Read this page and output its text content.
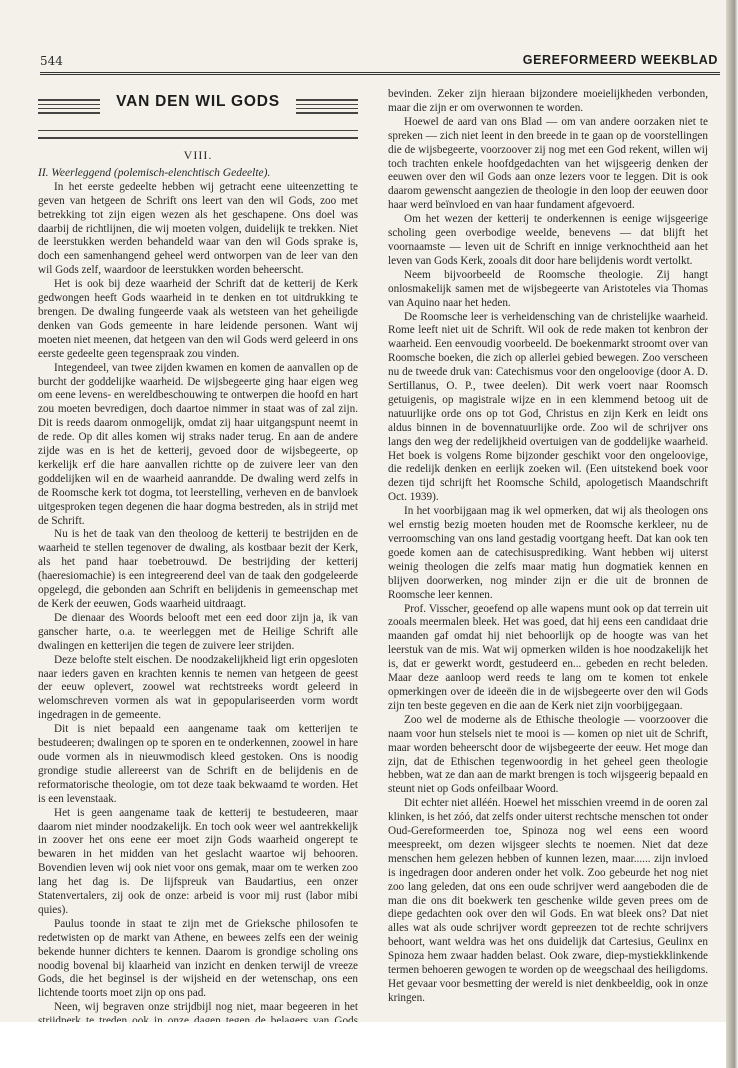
544	GEREFORMEERD WEEKBLAD
VAN DEN WIL GODS
VIII.

II. Weerleggend (polemisch-elenchtisch Gedeelte).

In het eerste gedeelte hebben wij getracht eene uiteenzetting te geven van hetgeen de Schrift ons leert van den wil Gods, zoo met betrekking tot zijn eigen wezen als het geschapene. Ons doel was daarbij de richtlijnen, die wij moeten volgen, duidelijk te trekken. Niet de leerstukken werden behandeld waar van den wil Gods sprake is, doch een samenhangend geheel werd ontworpen van de leer van den wil Gods zelf, waardoor de leerstukken worden beheerscht.

Het is ook bij deze waarheid der Schrift dat de ketterij de Kerk gedwongen heeft Gods waarheid in te denken en tot uitdrukking te brengen. De dwaling fungeerde vaak als wetsteen van het geheiligde denken van Gods gemeente in hare leidende personen. Want wij moeten niet meenen, dat hetgeen van den wil Gods werd geleerd in ons eerste gedeelte geen tegenspraak zou vinden.

Integendeel, van twee zijden kwamen en komen de aanvallen op de burcht der goddelijke waarheid. De wijsbegeerte ging haar eigen weg om eene levens- en wereldbeschouwing te ontwerpen die hoofd en hart zou moeten bevredigen, doch daartoe nimmer in staat was of zal zijn. Dit is reeds daarom onmogelijk, omdat zij haar uitgangspunt neemt in de rede. Op dit alles komen wij straks nader terug. En aan de andere zijde was en is het de ketterij, gevoed door de wijsbegeerte, op kerkelijk erf die hare aanvallen richtte op de zuivere leer van den goddelijken wil en de waarheid aanrandde. De dwaling werd zelfs in de Roomsche kerk tot dogma, tot leerstelling, verheven en de banvloek uitgesproken tegen degenen die haar dogma bestreden, als in strijd met de Schrift.

Nu is het de taak van den theoloog de ketterij te bestrijden en de waarheid te stellen tegenover de dwaling, als kostbaar bezit der Kerk, als het pand haar toebetrouwd. De bestrijding der ketterij (haeresiomachie) is een integreerend deel van de taak den godgeleerde opgelegd, die gebonden aan Schrift en belijdenis in gemeenschap met de Kerk der eeuwen, Gods waarheid uitdraagt.

De dienaar des Woords belooft met een eed door zijn ja, ik van ganscher harte, o.a. te weerleggen met de Heilige Schrift alle dwalingen en ketterijen die tegen de zuivere leer strijden.

Deze belofte stelt eischen. De noodzakelijkheid ligt erin opgesloten naar ieders gaven en krachten kennis te nemen van hetgeen de geest der eeuw oplevert, zoowel wat rechtstreeks wordt geleerd in welomschreven vormen als wat in gepopulariseerden vorm wordt ingedragen in de gemeente.

Dit is niet bepaald een aangename taak om ketterijen te bestudeeren; dwalingen op te sporen en te onderkennen, zoowel in hare oude vormen als in nieuwmodisch kleed gestoken. Ons is noodig grondige studie allereerst van de Schrift en de belijdenis en de reformatorische theologie, om tot deze taak bekwaamd te worden. Het is een levenstaak.

Het is geen aangename taak de ketterij te bestudeeren, maar daarom niet minder noodzakelijk. En toch ook weer wel aantrekkelijk in zoover het ons eene eer moet zijn Gods waarheid ongerept te bewaren in het midden van het geslacht waartoe wij behooren. Bovendien leven wij ook niet voor ons gemak, maar om te werken zoo lang het dag is. De lijfspreuk van Baudartius, een onzer Statenvertalers, zij ook de onze: arbeid is voor mij rust (labor mibi quies).

Paulus toonde in staat te zijn met de Grieksche philosofen te redetwisten op de markt van Athene, en bewees zelfs een der weinig bekende hunner dichters te kennen. Daarom is grondige scholing ons noodig bovenal bij klaarheid van inzicht en denken terwijl de vreeze Gods, die het beginsel is der wijsheid en der wetenschap, ons een lichtende toorts moet zijn op ons pad.

Neen, wij begraven onze strijdbijl nog niet, maar begeeren in het

bevinden. Zeker zijn hieraan bijzondere moeielijkheden verbonden, maar die zijn er om overwonnen te worden.

Hoewel de aard van ons Blad — om van andere oorzaken niet te spreken — zich niet leent in den breede in te gaan op de voorstellingen die de wijsbegeerte, voorzoover zij nog met een God rekent, willen wij toch trachten enkele hoofdgedachten van het wijsgeerig denken der eeuwen over den wil Gods aan onze lezers voor te leggen. Dit is ook daarom gewenscht aangezien de theologie in den loop der eeuwen door haar werd beïnvloed en van haar fundament afgevoerd.

Om het wezen der ketterij te onderkennen is eenige wijsgeerige scholing geen overbodige weelde, benevens — dat blijft het voornaamste — leven uit de Schrift en innige verknochtheid aan het leven van Gods Kerk, zooals dit door hare belijdenis wordt vertolkt.

Neem bijvoorbeeld de Roomsche theologie. Zij hangt onlosmakelijk samen met de wijsbegeerte van Aristoteles via Thomas van Aquino naar het heden.

De Roomsche leer is verheidensching van de christelijke waarheid. Rome leeft niet uit de Schrift. Wil ook de rede maken tot kenbron der waarheid. Een eenvoudig voorbeeld. De boekenmarkt stroomt over van Roomsche boeken, die zich op allerlei gebied bewegen. Zoo verscheen nu de tweede druk van: Catechismus voor den ongeloovige (door A. D. Sertillanus, O. P., twee deelen). Dit werk voert naar Roomsch getuigenis, op magistrale wijze en in een klemmend betoog uit de natuurlijke orde ons op tot God, Christus en zijn Kerk en leidt ons aldus binnen in de bovennatuurlijke orde. Zoo wil de schrijver ons langs den weg der redelijkheid overtuigen van de goddelijke waarheid. Het boek is volgens Rome bijzonder geschikt voor den ongeloovige, die redelijk denken en eerlijk zoeken wil. (Een uitstekend boek voor dezen tijd schrijft het Roomsche Schild, apologetisch Maandschrift Oct. 1939).

In het voorbijgaan mag ik wel opmerken, dat wij als theologen ons wel ernstig bezig moeten houden met de Roomsche kerkleer, nu de verroomsching van ons land gestadig voortgang heeft. Dat kan ook ten goede komen aan de catechisusprediking. Want hebben wij uiterst weinig theologen die zelfs maar matig hun dogmatiek kennen en blijven doorwerken, nog minder zijn er die uit de bronnen de Roomsche leer kennen.

Prof. Visscher, geoefend op alle wapens munt ook op dat terrein uit zooals meermalen bleek. Het was goed, dat hij eens een candidaat drie maanden gaf omdat hij niet behoorlijk op de hoogte was van het leerstuk van de mis. Wat wij opmerken wilden is hoe noodzakelijk het is, dat er gewerkt wordt, gestudeerd en... gebeden en recht beleden. Maar deze aanloop werd reeds te lang om te komen tot enkele opmerkingen over de ideeën die in de wijsbegeerte over den wil Gods zijn ten beste gegeven en die aan de Kerk niet zijn voorbijgegaan.

Zoo wel de moderne als de Ethische theologie — voorzoover die naam voor hun stelsels niet te mooi is — komen op niet uit de Schrift, maar worden beheerscht door de wijsbegeerte der eeuw. Het moge dan zijn, dat de Ethischen tegenwoordig in het geheel geen theologie hebben, wat ze dan aan de markt brengen is toch wijsgeerig bepaald en steunt niet op Gods onfeilbaar Woord.

Dit echter niet alléén. Hoewel het misschien vreemd in de ooren zal klinken, is het zóó, dat zelfs onder uiterst rechtsche menschen tot onder Oud-Gereformeerden toe, Spinoza nog wel eens een woord meespreekt, om dezen wijsgeer slechts te noemen. Niet dat deze menschen hem gelezen hebben of kunnen lezen, maar...... zijn invloed is ingedragen door anderen onder het volk. Zoo gebeurde het nog niet zoo lang geleden, dat ons een oude schrijver werd aangeboden die de man die ons dit boekwerk ten geschenke wilde geven prees om de diepe gedachten ook over den wil Gods. En wat bleek ons? Dat niet alles wat als oude schrijver wordt gepreezen tot de rechte schrijvers behoort, want weldra was het ons duidelijk dat Cartesius, Geulinx en Spinoza hem zwaar hadden belast. Ook zware, diep-mystiekklinkende termen behoeren gewogen te worden op de weegschaal des heiligdoms. Het gevaar voor besmetting der wereld is niet denkbeeldig, ook in onze kringen.
